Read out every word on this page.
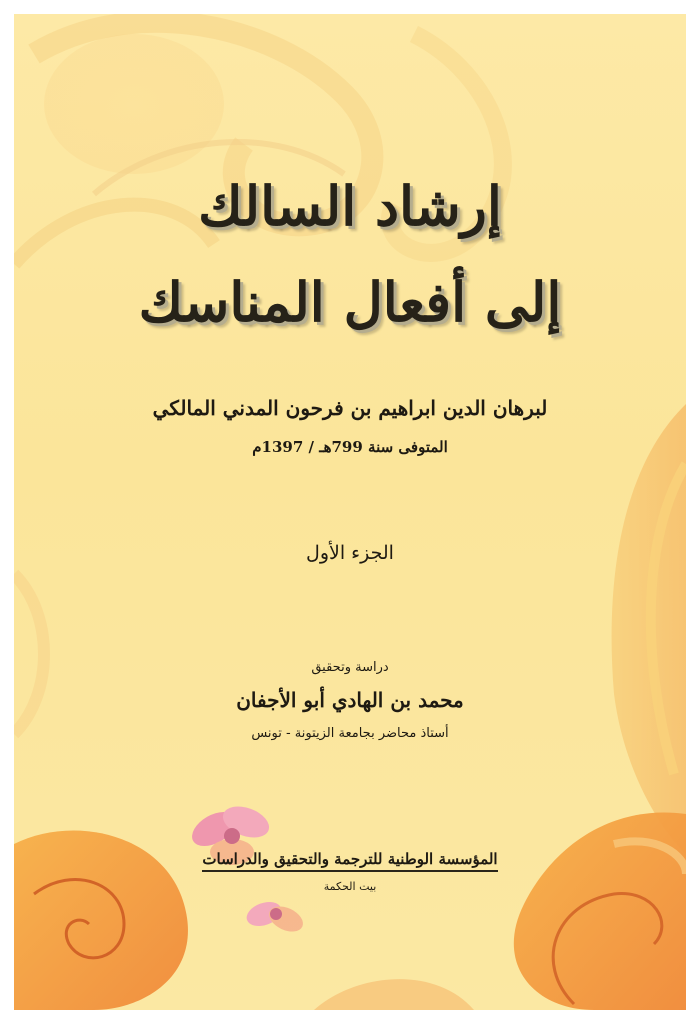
إرشاد السالك
إلى أفعال المناسك
لبرهان الدين ابراهيم بن فرحون المدني المالكي
المتوفى سنة 799هـ / 1397م
الجزء الأول
دراسة وتحقيق
محمد بن الهادي أبو الأجفان
أستاذ محاضر بجامعة الزيتونة - تونس
المؤسسة الوطنية للترجمة والتحقيق والدراسات
بيت الحكمة
